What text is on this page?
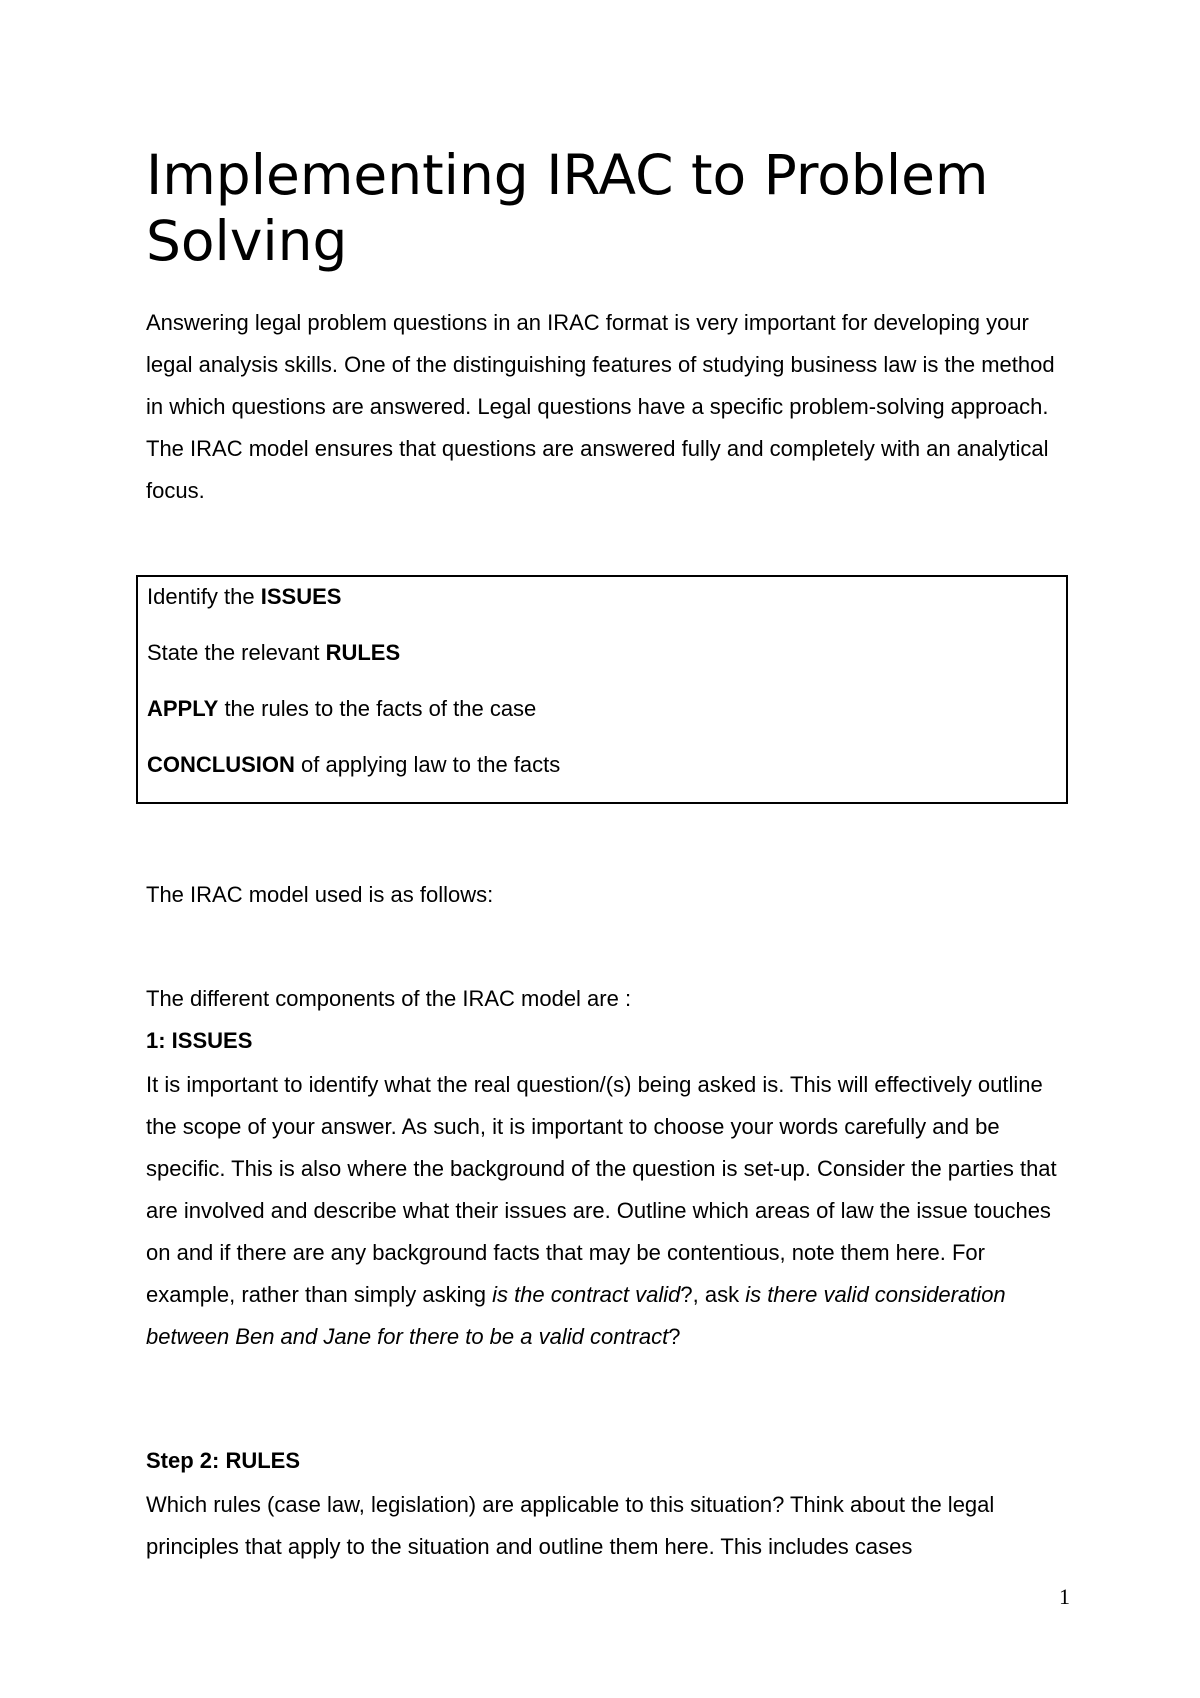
Implementing IRAC to Problem Solving

Answering legal problem questions in an IRAC format is very important for developing your legal analysis skills. One of the distinguishing features of studying business law is the method in which questions are answered. Legal questions have a specific problem-solving approach. The IRAC model ensures that questions are answered fully and completely with an analytical focus.

Identify the ISSUES
State the relevant RULES
APPLY the rules to the facts of the case
CONCLUSION of applying law to the facts

The IRAC model used is as follows:

The different components of the IRAC model are :

1: ISSUES

It is important to identify what the real question/(s) being asked is. This will effectively outline the scope of your answer. As such, it is important to choose your words carefully and be specific. This is also where the background of the question is set-up. Consider the parties that are involved and describe what their issues are. Outline which areas of law the issue touches on and if there are any background facts that may be contentious, note them here. For example, rather than simply asking is the contract valid?, ask is there valid consideration between Ben and Jane for there to be a valid contract?

Step 2: RULES

Which rules (case law, legislation) are applicable to this situation? Think about the legal principles that apply to the situation and outline them here. This includes cases

1
